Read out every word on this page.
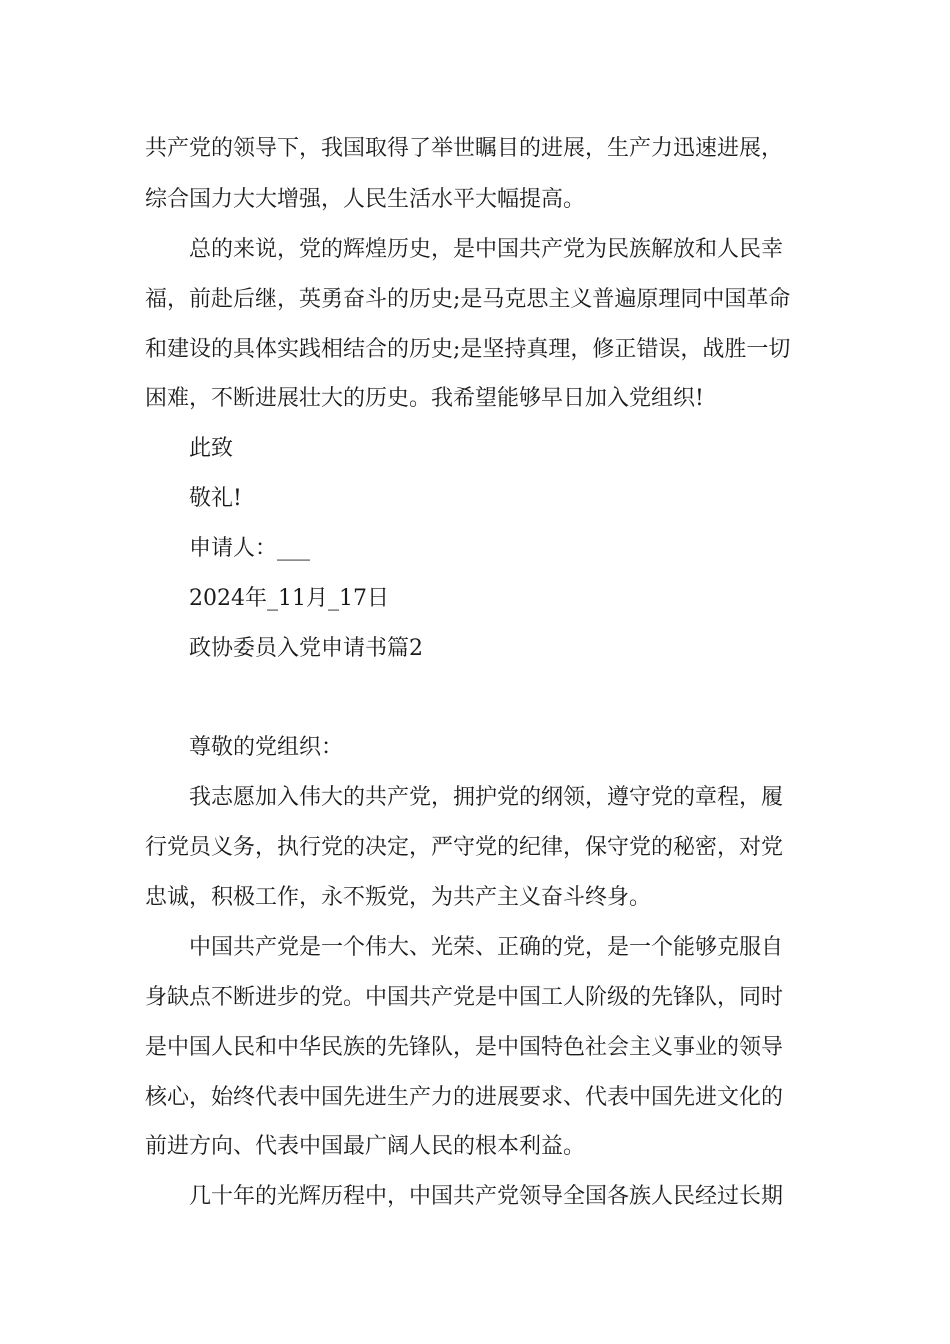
共产党的领导下，我国取得了举世瞩目的进展，生产力迅速进展，
综合国力大大增强，人民生活水平大幅提高。
总的来说，党的辉煌历史，是中国共产党为民族解放和人民幸
福，前赴后继，英勇奋斗的历史;是马克思主义普遍原理同中国革命
和建设的具体实践相结合的历史;是坚持真理，修正错误，战胜一切
困难，不断进展壮大的历史。我希望能够早日加入党组织!
此致
敬礼!
申请人：___
2024年_11月_17日
政协委员入党申请书篇2
尊敬的党组织：
我志愿加入伟大的共产党，拥护党的纲领，遵守党的章程，履
行党员义务，执行党的决定，严守党的纪律，保守党的秘密，对党
忠诚，积极工作，永不叛党，为共产主义奋斗终身。
中国共产党是一个伟大、光荣、正确的党，是一个能够克服自
身缺点不断进步的党。中国共产党是中国工人阶级的先锋队，同时
是中国人民和中华民族的先锋队，是中国特色社会主义事业的领导
核心，始终代表中国先进生产力的进展要求、代表中国先进文化的
前进方向、代表中国最广阔人民的根本利益。
几十年的光辉历程中，中国共产党领导全国各族人民经过长期
